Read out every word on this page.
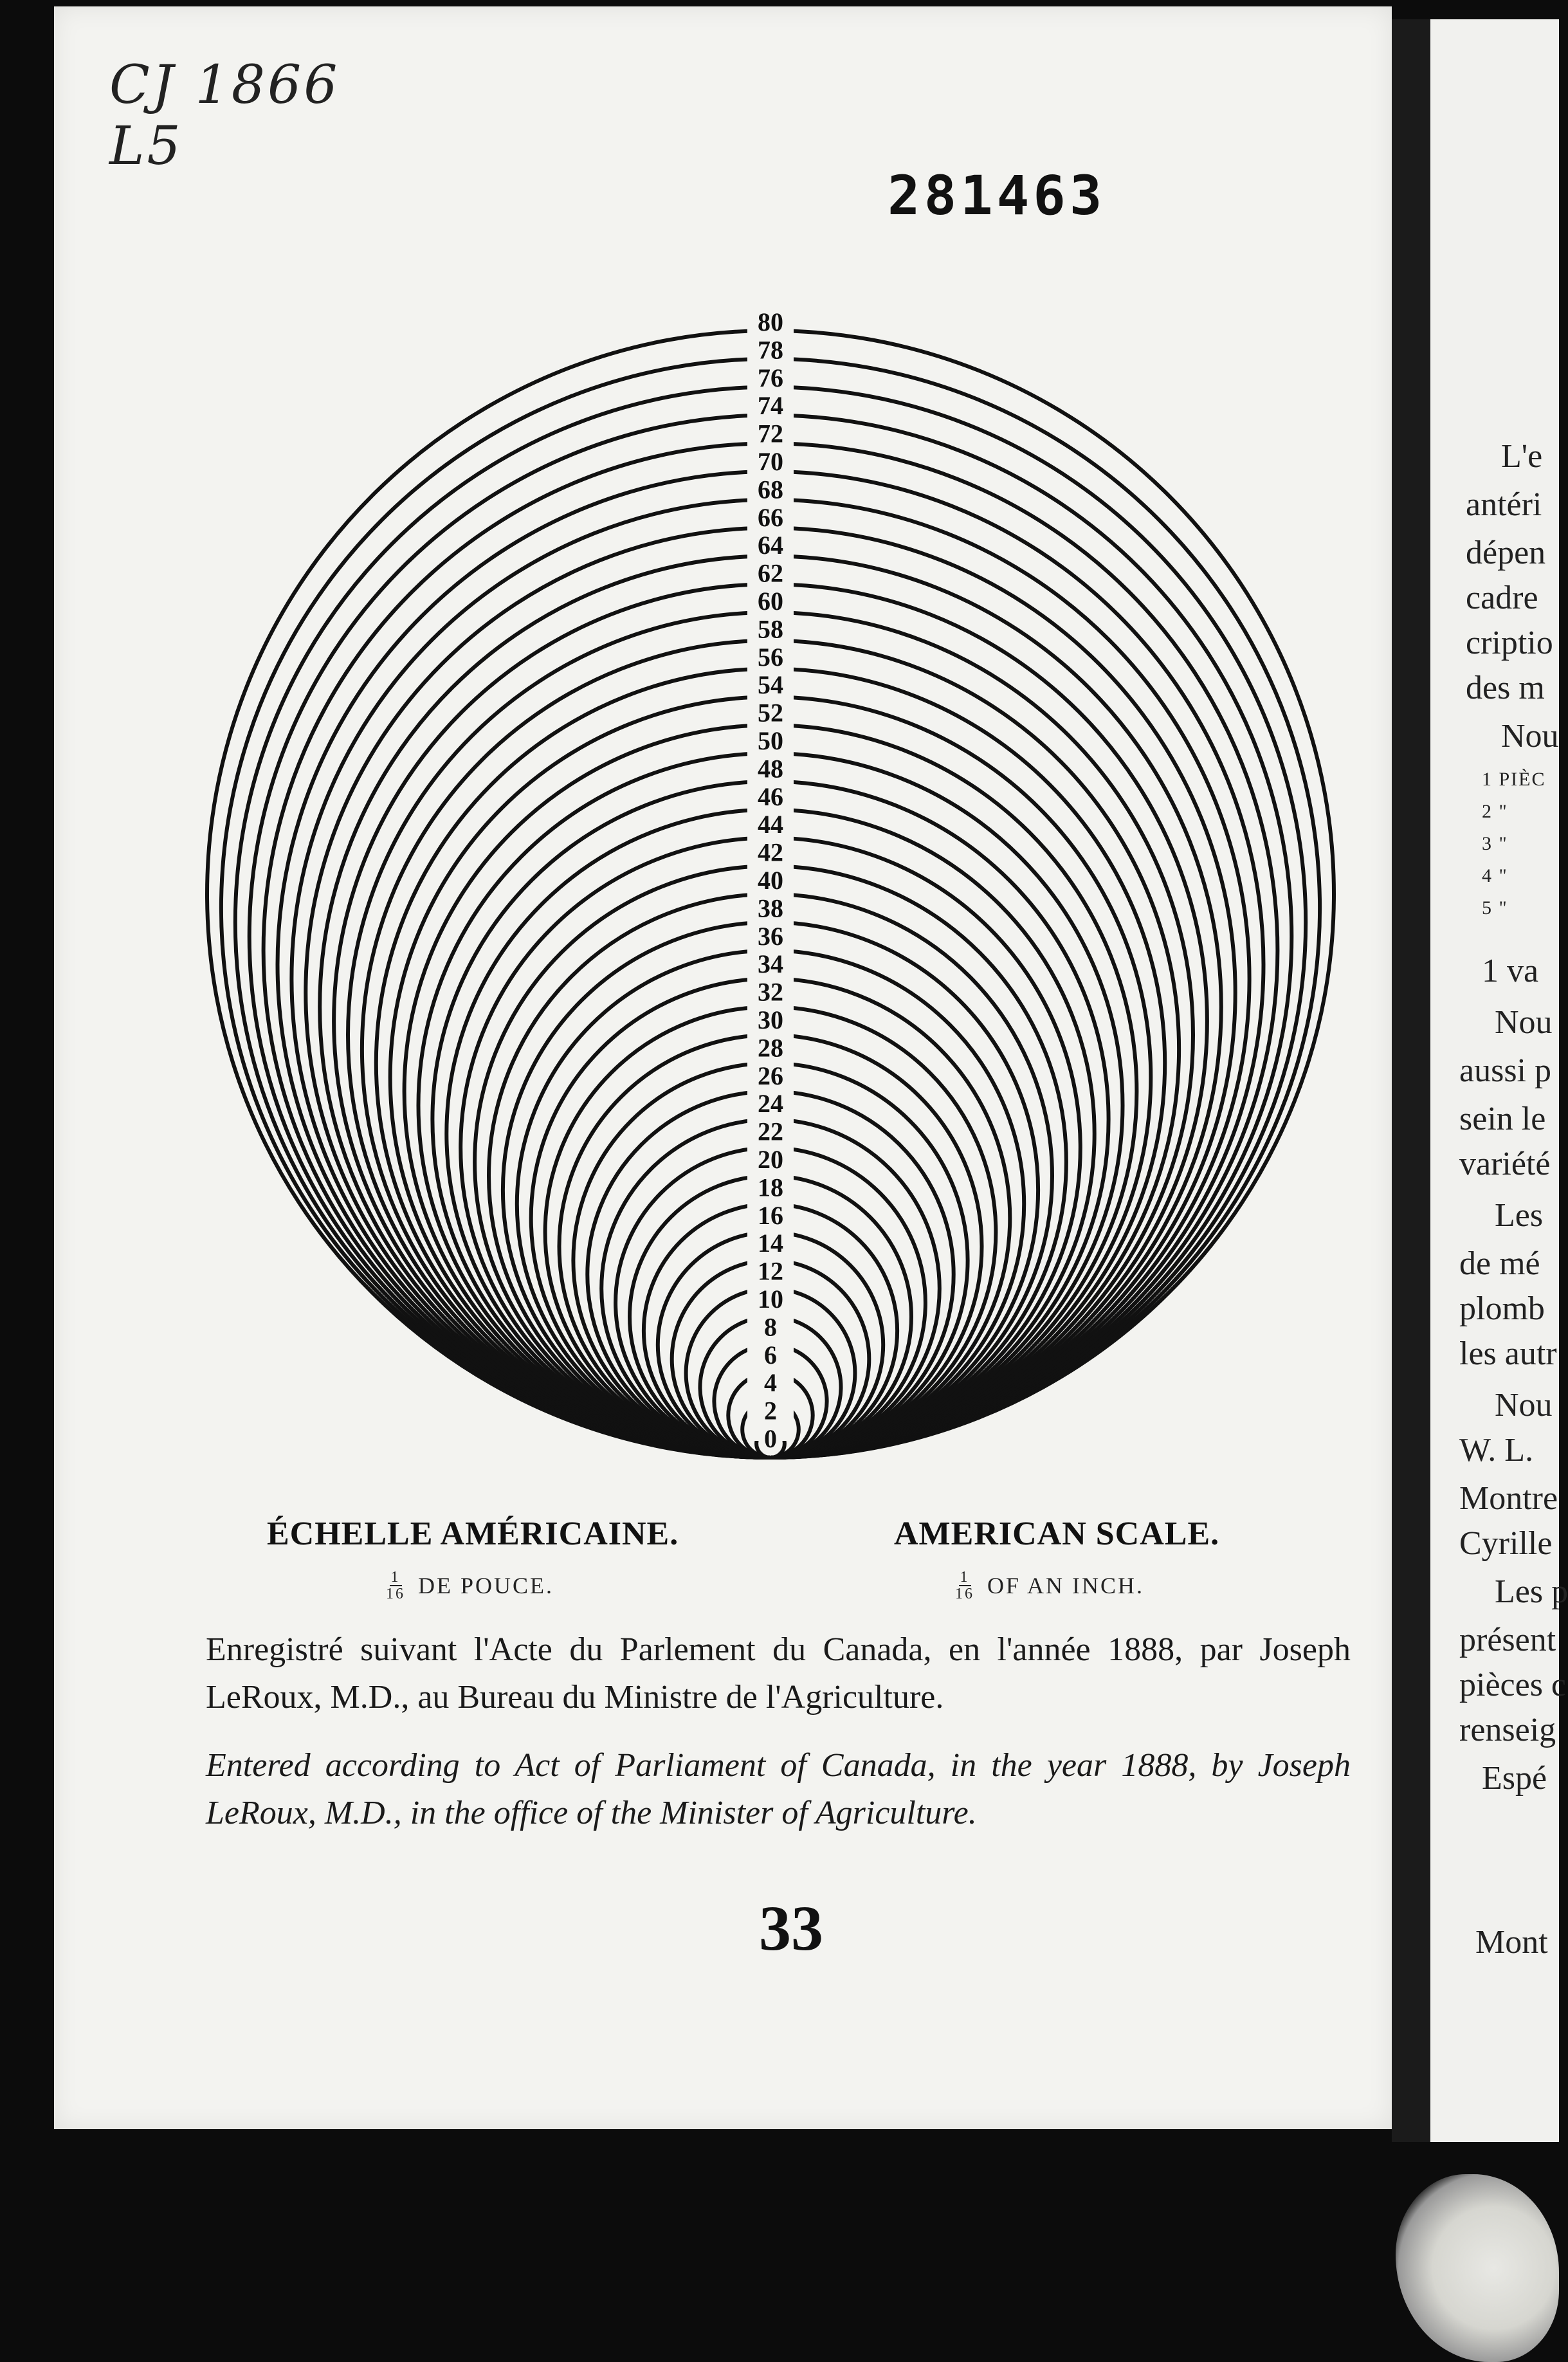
L'e
antéri
dépen
cadre
criptio
des m
Nou
1 PIÈC
2 "
3 "
4 "
5 "
1 va
Nou
aussi p
sein le
variété
Les
de mé
plomb
les autr
Nou
W. L.
Montre
Cyrille
Les p
présent
pièces c
renseig
Espé
Mont
CJ 1866
L5
281463
80
78
76
74
72
70
68
66
64
62
60
58
56
54
52
50
48
46
44
42
40
38
36
34
32
30
28
26
24
22
20
18
16
14
12
10
8
6
4
2
0
ÉCHELLE AMÉRICAINE.	AMERICAN SCALE.
$\frac{1}{16}$ DE POUCE.	$\frac{1}{16}$ OF AN INCH.
Enregistré suivant l'Acte du Parlement du Canada, en l'année 1888, par Joseph LeRoux, M.D., au Bureau du Ministre de l'Agriculture.
Entered according to Act of Parliament of Canada, in the year 1888, by Joseph LeRoux, M.D., in the office of the Minister of Agriculture.
33
